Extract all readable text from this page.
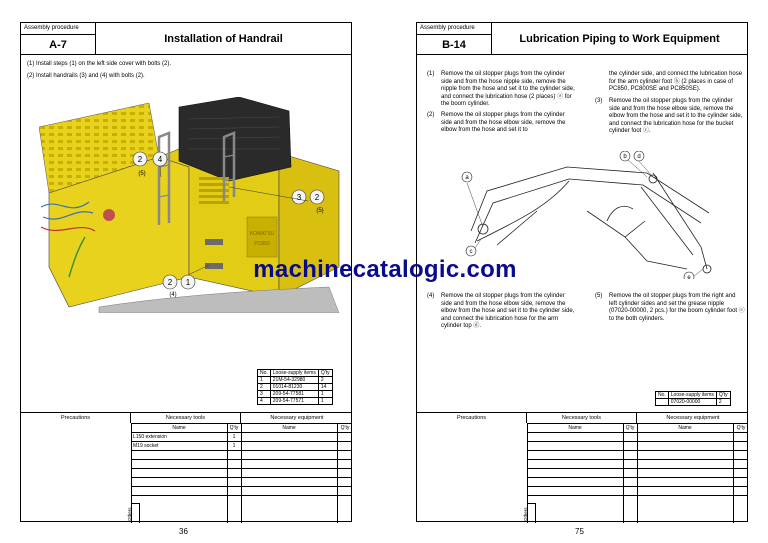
Assembly procedure
A-7	Installation of Handrail
(1) Install steps (1) on the left side cover with bolts (2).
(2) Install handrails (3) and (4) with bolts (2).
2 4
(5)
3 2
(5)
2 1
(4)
KOMATSU
PC850
No.	Loose-supply items	Q'ty
1	21M-54-32980	2
2	01014-81230	14
3	209-54-77581	1
4	209-54-77571	1
Precautions	Necessary tools	Necessary equipment
Name	Q'ty	Name	Q'ty
L150 extension	1
M19 socket	1
Others
Assembly procedure
B-14	Lubrication Piping to Work Equipment
(1) Remove the oil stopper plugs from the cylinder side and from the hose nipple side, remove the nipple from the hose and set it to the cylinder side, and connect the lubrication hose (2 places) ⓐ for the boom cylinder.
(2) Remove the oil stopper plugs from the cylinder side and from the hose elbow side, remove the elbow from the hose and set it to
the cylinder side, and connect the lubrication hose for the arm cylinder foot ⓑ (2 places in case of PC850, PC800SE and PC850SE).
(3) Remove the oil stopper plugs from the cylinder side and from the hose elbow side, remove the elbow from the hose and set it to the cylinder side, and connect the lubrication hose for the bucket cylinder foot ⓒ.
a
b d
c
e
(4) Remove the oil stopper plugs from the cylinder side and from the hose elbow side, remove the elbow from the hose and set it to the cylinder side, and connect the lubrication hose for the arm cylinder top ⓓ.
(5) Remove the oil stopper plugs from the right and left cylinder sides and set the grease nipple (07020-00000, 2 pcs.) for the boom cylinder foot ⓔ to the both cylinders.
No.	Loose-supply items	Q'ty
	07020-00000	2
Precautions	Necessary tools	Necessary equipment
Name	Q'ty	Name	Q'ty
Others
36	75
machinecatalogic.com
